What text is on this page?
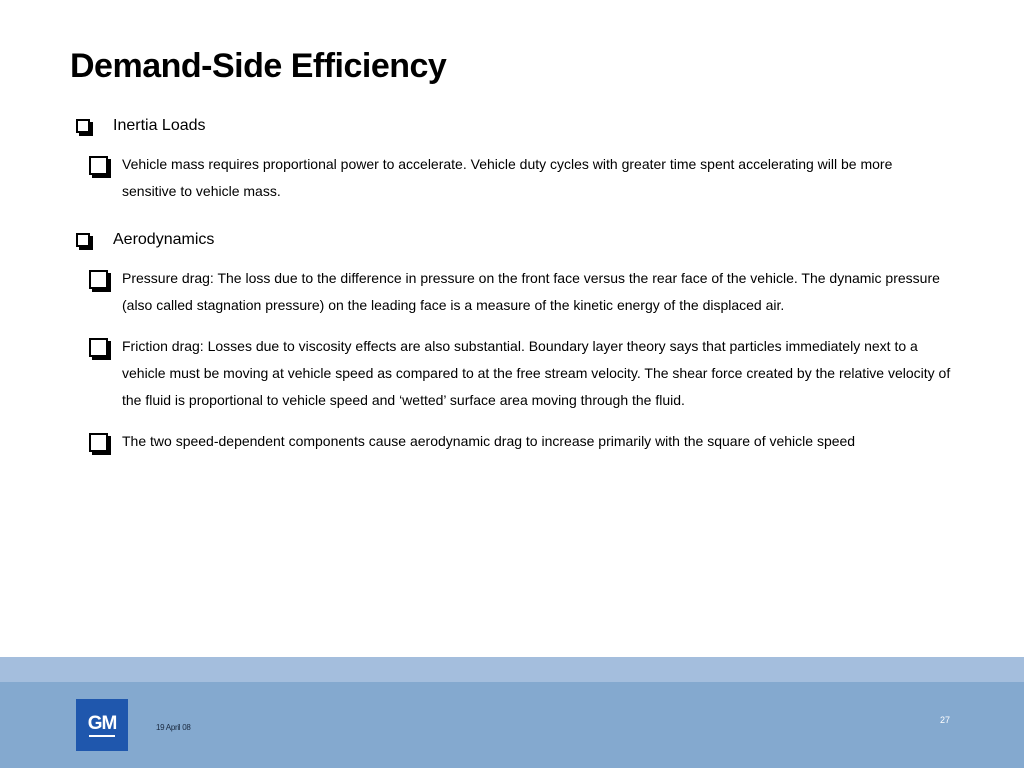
Demand-Side Efficiency
Inertia Loads
Vehicle mass requires proportional power to accelerate. Vehicle duty cycles with greater time spent accelerating will be more sensitive to vehicle mass.
Aerodynamics
Pressure drag: The loss due to the difference in pressure on the front face versus the rear face of the vehicle. The dynamic pressure (also called stagnation pressure) on the leading face is a measure of the kinetic energy of the displaced air.
Friction drag: Losses due to viscosity effects are also substantial. Boundary layer theory says that particles immediately next to a vehicle must be moving at vehicle speed as compared to at the free stream velocity. The shear force created by the relative velocity of the fluid is proportional to vehicle speed and ‘wetted’ surface area moving through the fluid.
The two speed-dependent components cause aerodynamic drag to increase primarily with the square of vehicle speed
GM	19 April 08
27
